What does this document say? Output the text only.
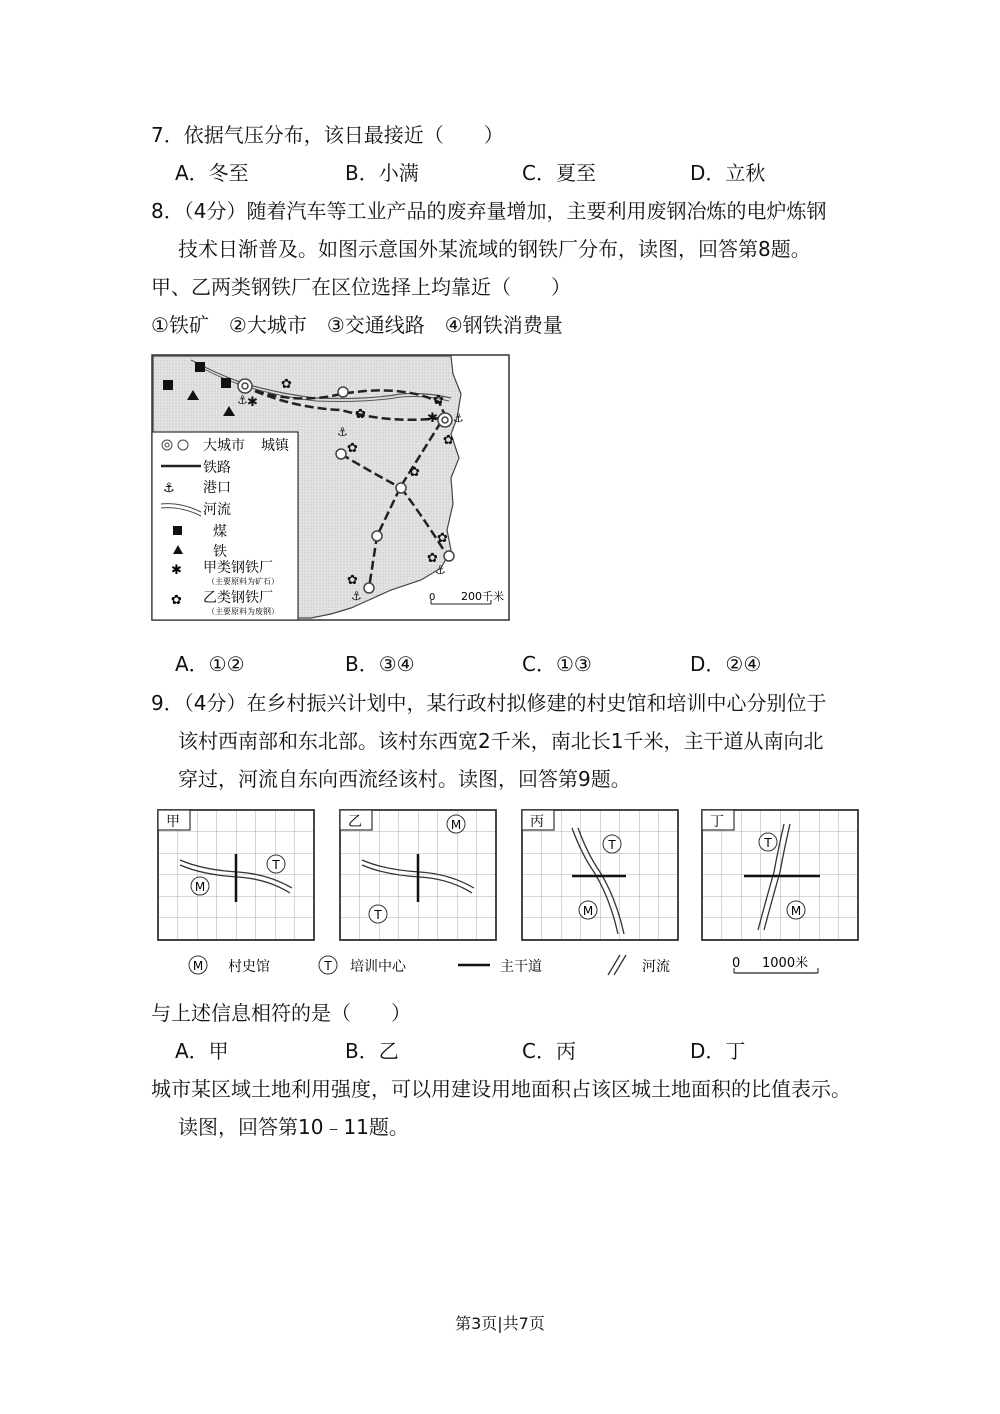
7．依据气压分布，该日最接近（　　）
A．冬至	B．小满	C．夏至	D．立秋
8．（4分）随着汽车等工业产品的废弃量增加，主要利用废钢冶炼的电炉炼钢
技术日渐普及。如图示意国外某流域的钢铁厂分布，读图，回答第8题。
甲、乙两类钢铁厂在区位选择上均靠近（　　）
①铁矿　②大城市　③交通线路　④钢铁消费量
⚓
⚓
⚓
⚓
⚓
✱
✱
✿
✿
✿
✿
✿
✿
✿
✿
✿
大城市 城镇
铁路
⚓ 港口
河流
煤
铁
✱ 甲类钢铁厂
（主要原料为矿石）
✿ 乙类钢铁厂
（主要原料为废钢）
0 200千米
A．①②	B．③④	C．①③	D．②④
9．（4分）在乡村振兴计划中，某行政村拟修建的村史馆和培训中心分别位于
该村西南部和东北部。该村东西宽2千米，南北长1千米，主干道从南向北
穿过，河流自东向西流经该村。读图，回答第9题。
甲
M
T
乙	M
T
丙
T
M
丁
T
M
M 村史馆	T 培训中心	主干道	河流	0 1000米
与上述信息相符的是（　　）
A．甲	B．乙	C．丙	D．丁
城市某区域土地利用强度，可以用建设用地面积占该区城土地面积的比值表示。
读图，回答第10﹣11题。
第3页|共7页
